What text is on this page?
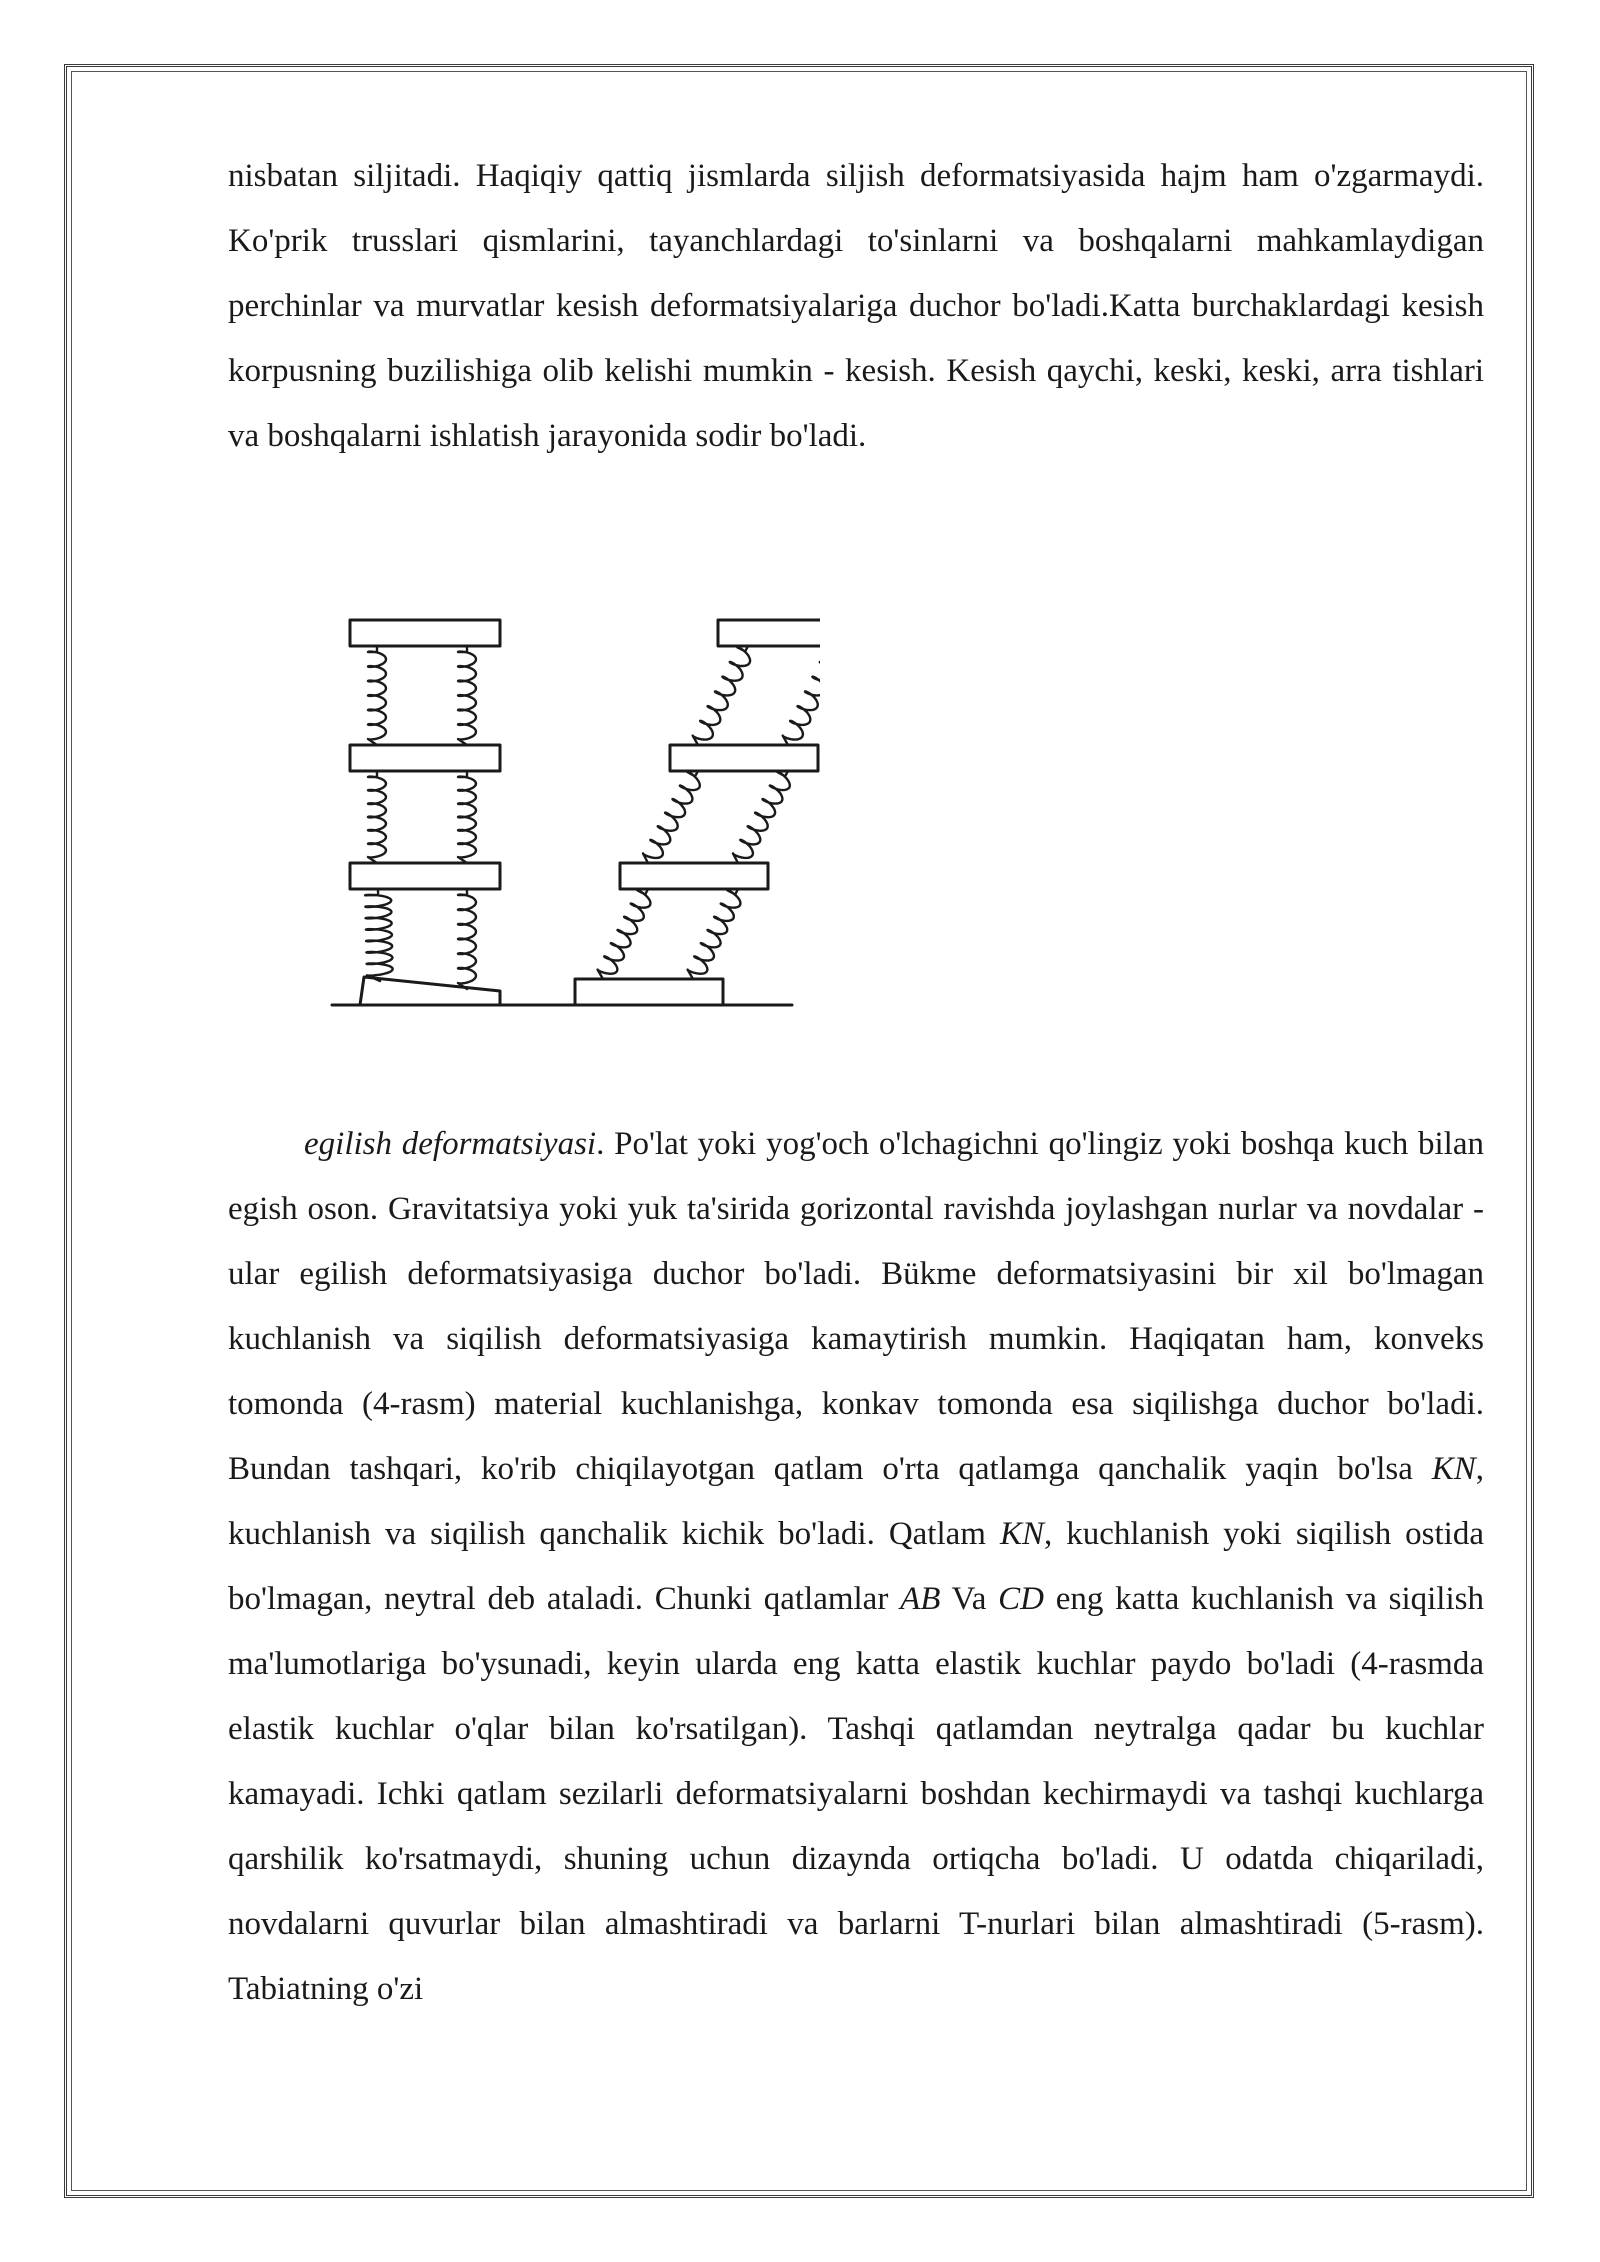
nisbatan siljitadi. Haqiqiy qattiq jismlarda siljish deformatsiyasida hajm ham o'zgarmaydi. Ko'prik trusslari qismlarini, tayanchlardagi to'sinlarni va boshqalarni mahkamlaydigan perchinlar va murvatlar kesish deformatsiyalariga duchor bo'ladi.Katta burchaklardagi kesish korpusning buzilishiga olib kelishi mumkin - kesish. Kesish qaychi, keski, keski, arra tishlari va boshqalarni ishlatish jarayonida sodir bo'ladi.

egilish deformatsiyasi. Po'lat yoki yog'och o'lchagichni qo'lingiz yoki boshqa kuch bilan egish oson. Gravitatsiya yoki yuk ta'sirida gorizontal ravishda joylashgan nurlar va novdalar - ular egilish deformatsiyasiga duchor bo'ladi. Bükme deformatsiyasini bir xil bo'lmagan kuchlanish va siqilish deformatsiyasiga kamaytirish mumkin. Haqiqatan ham, konveks tomonda (4-rasm) material kuchlanishga, konkav tomonda esa siqilishga duchor bo'ladi. Bundan tashqari, ko'rib chiqilayotgan qatlam o'rta qatlamga qanchalik yaqin bo'lsa KN, kuchlanish va siqilish qanchalik kichik bo'ladi. Qatlam KN, kuchlanish yoki siqilish ostida bo'lmagan, neytral deb ataladi. Chunki qatlamlar AB Va CD eng katta kuchlanish va siqilish ma'lumotlariga bo'ysunadi, keyin ularda eng katta elastik kuchlar paydo bo'ladi (4-rasmda elastik kuchlar o'qlar bilan ko'rsatilgan). Tashqi qatlamdan neytralga qadar bu kuchlar kamayadi. Ichki qatlam sezilarli deformatsiyalarni boshdan kechirmaydi va tashqi kuchlarga qarshilik ko'rsatmaydi, shuning uchun dizaynda ortiqcha bo'ladi. U odatda chiqariladi, novdalarni quvurlar bilan almashtiradi va barlarni T-nurlari bilan almashtiradi (5-rasm). Tabiatning o'zi
